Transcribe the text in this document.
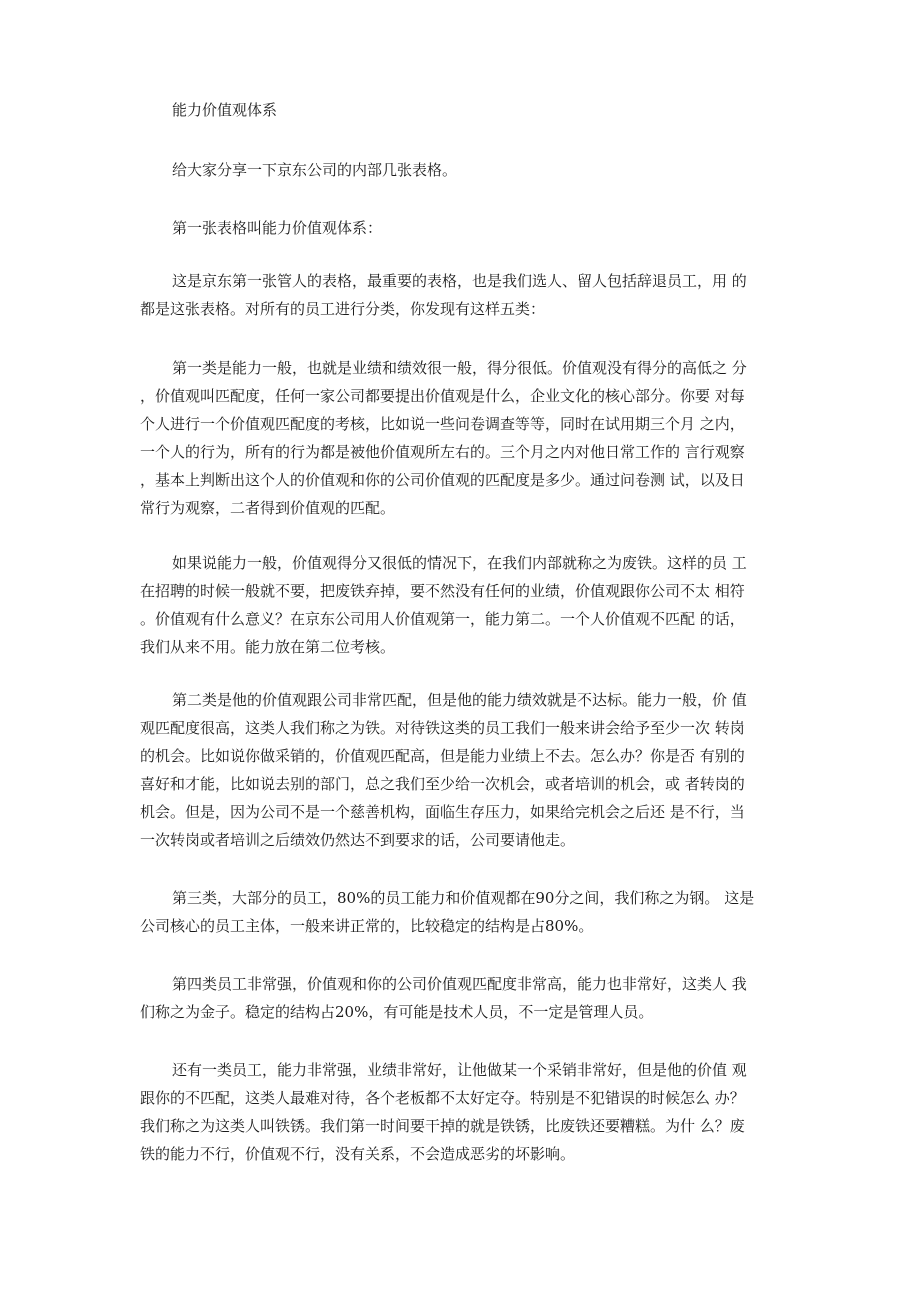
能力价值观体系

给大家分享一下京东公司的内部几张表格。

第一张表格叫能力价值观体系：

这是京东第一张管人的表格，最重要的表格，也是我们选人、留人包括辞退员工，用 的
都是这张表格。对所有的员工进行分类，你发现有这样五类：
第一类是能力一般，也就是业绩和绩效很一般，得分很低。价值观没有得分的高低之 分
，价值观叫匹配度，任何一家公司都要提出价值观是什么，企业文化的核心部分。你要 对每
个人进行一个价值观匹配度的考核，比如说一些问卷调查等等，同时在试用期三个月 之内，
一个人的行为，所有的行为都是被他价值观所左右的。三个月之内对他日常工作的 言行观察
，基本上判断出这个人的价值观和你的公司价值观的匹配度是多少。通过问卷测 试，以及日
常行为观察，二者得到价值观的匹配。
如果说能力一般，价值观得分又很低的情况下，在我们内部就称之为废铁。这样的员 工
在招聘的时候一般就不要，把废铁弃掉，要不然没有任何的业绩，价值观跟你公司不太 相符
。价值观有什么意义？在京东公司用人价值观第一，能力第二。一个人价值观不匹配 的话，
我们从来不用。能力放在第二位考核。
第二类是他的价值观跟公司非常匹配，但是他的能力绩效就是不达标。能力一般，价 值
观匹配度很高，这类人我们称之为铁。对待铁这类的员工我们一般来讲会给予至少一次 转岗
的机会。比如说你做采销的，价值观匹配高，但是能力业绩上不去。怎么办？你是否 有别的
喜好和才能，比如说去别的部门，总之我们至少给一次机会，或者培训的机会，或 者转岗的
机会。但是，因为公司不是一个慈善机构，面临生存压力，如果给完机会之后还 是不行，当
一次转岗或者培训之后绩效仍然达不到要求的话，公司要请他走。
第三类，大部分的员工，80%的员工能力和价值观都在90分之间，我们称之为钢。 这是
公司核心的员工主体，一般来讲正常的，比较稳定的结构是占80%。
第四类员工非常强，价值观和你的公司价值观匹配度非常高，能力也非常好，这类人 我
们称之为金子。稳定的结构占20%，有可能是技术人员，不一定是管理人员。
还有一类员工，能力非常强，业绩非常好，让他做某一个采销非常好，但是他的价值 观
跟你的不匹配，这类人最难对待，各个老板都不太好定夺。特别是不犯错误的时候怎么 办？
我们称之为这类人叫铁锈。我们第一时间要干掉的就是铁锈，比废铁还要糟糕。为什 么？废
铁的能力不行，价值观不行，没有关系，不会造成恶劣的坏影响。
